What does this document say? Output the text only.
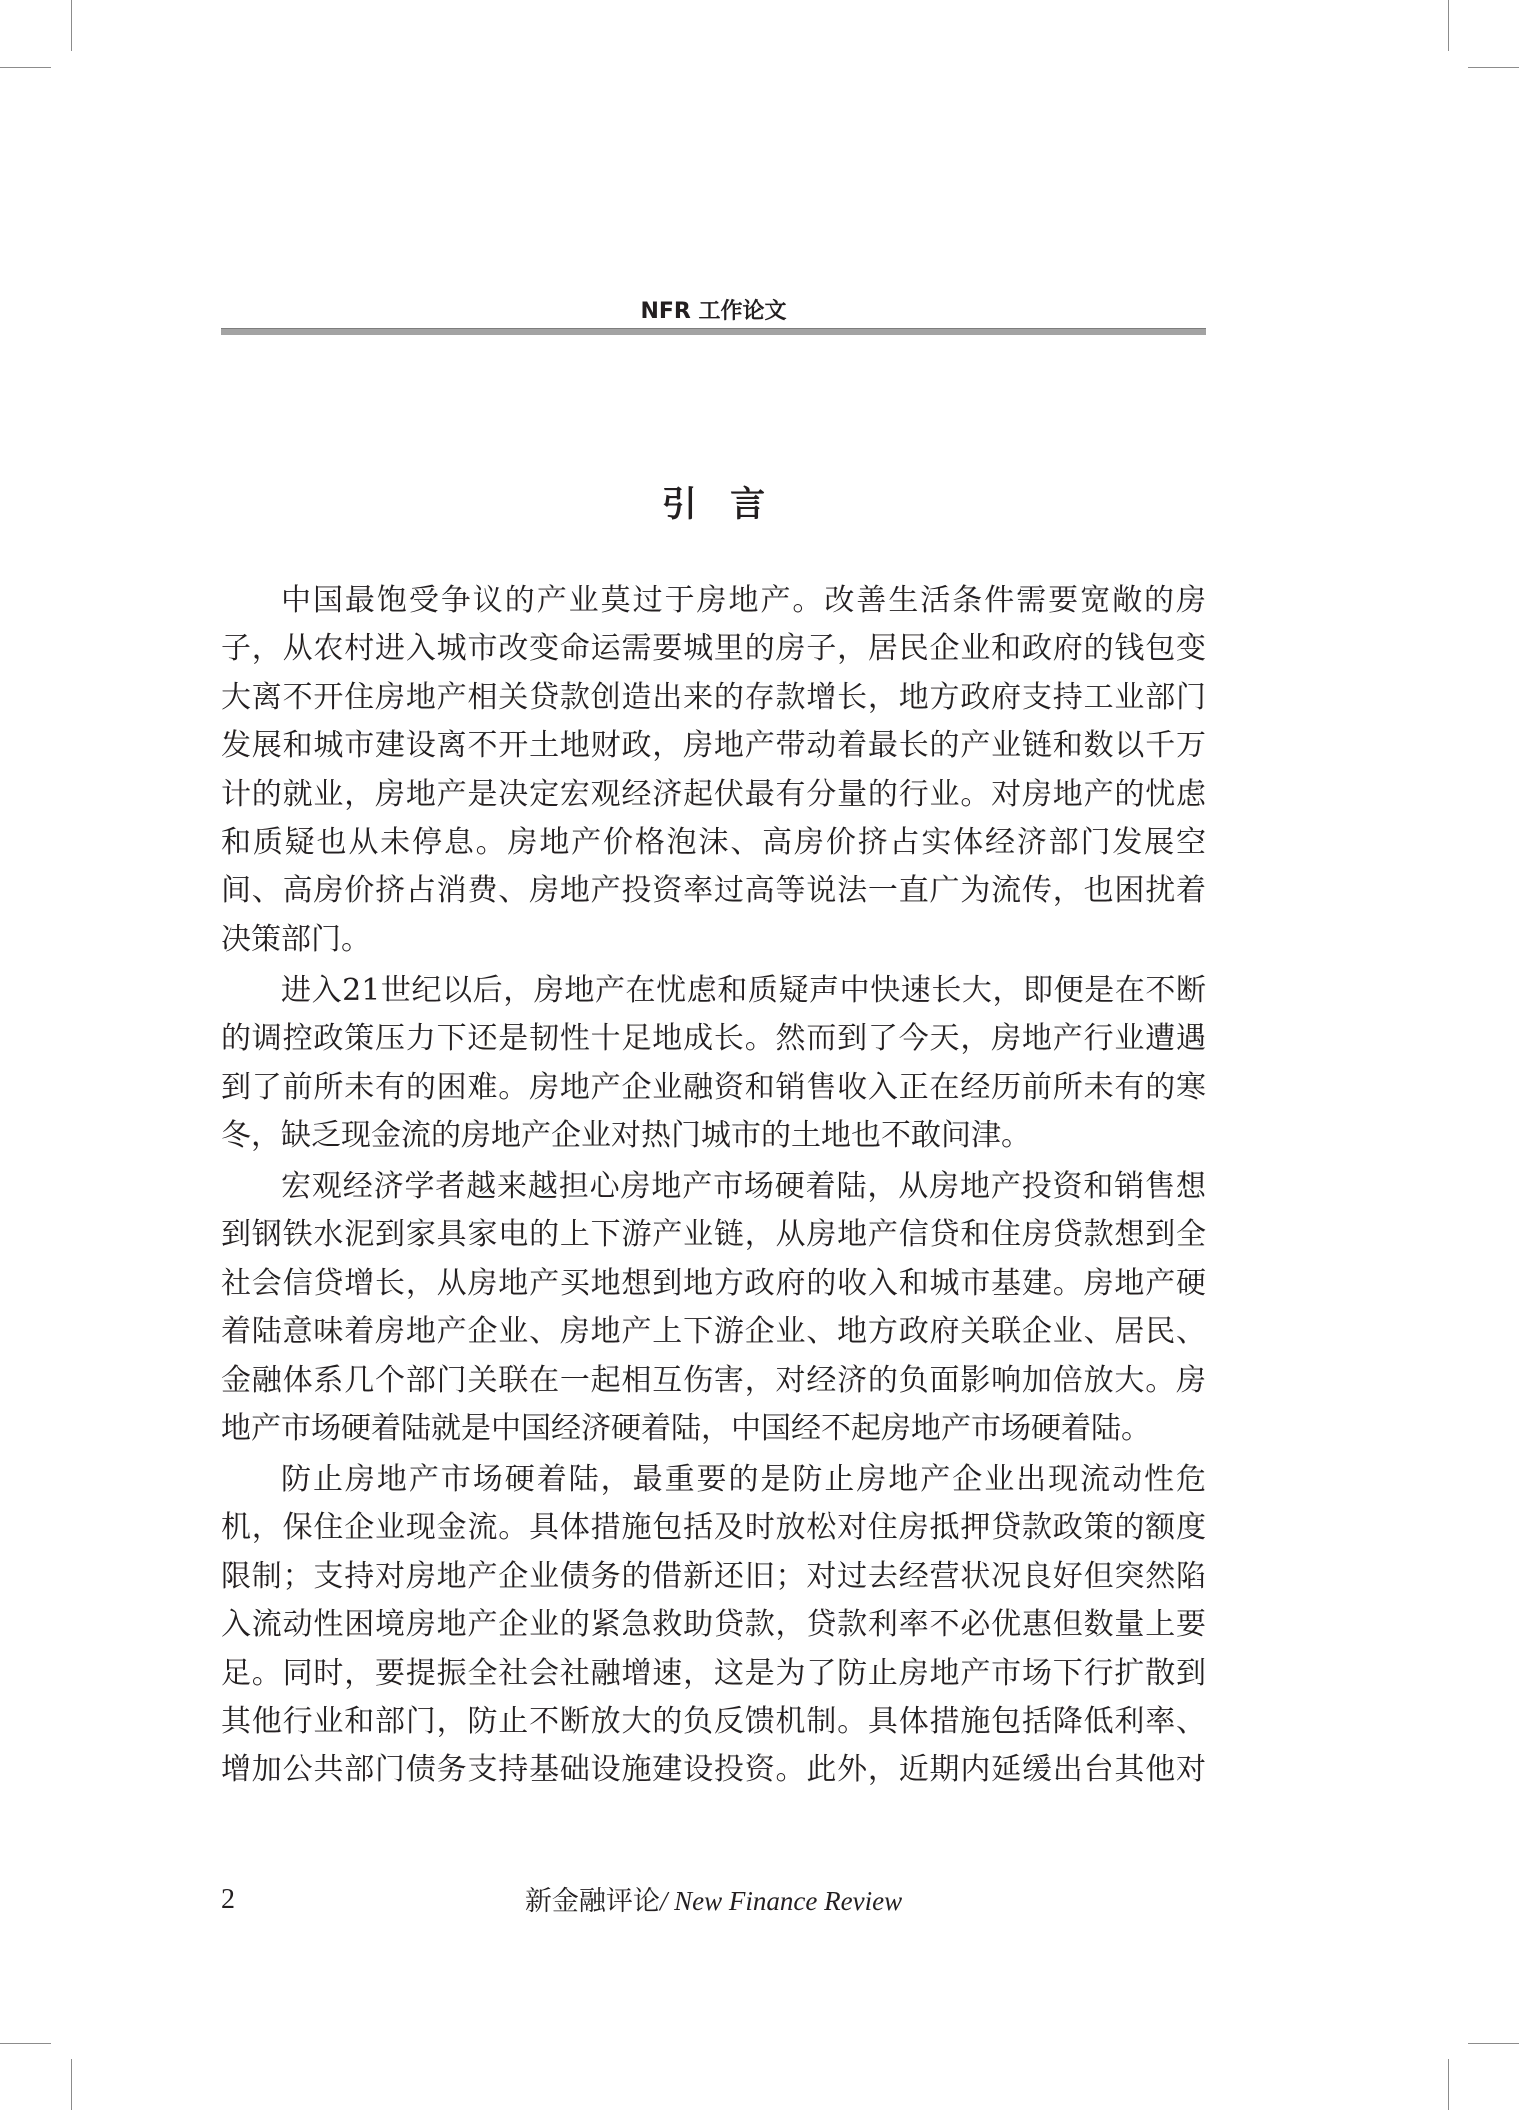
NFR 工作论文
引 言
中国最饱受争议的产业莫过于房地产。改善生活条件需要宽敞的房
子，从农村进入城市改变命运需要城里的房子，居民企业和政府的钱包变
大离不开住房地产相关贷款创造出来的存款增长，地方政府支持工业部门
发展和城市建设离不开土地财政，房地产带动着最长的产业链和数以千万
计的就业，房地产是决定宏观经济起伏最有分量的行业。对房地产的忧虑
和质疑也从未停息。房地产价格泡沫、高房价挤占实体经济部门发展空
间、高房价挤占消费、房地产投资率过高等说法一直广为流传，也困扰着
决策部门。
进入21世纪以后，房地产在忧虑和质疑声中快速长大，即便是在不断
的调控政策压力下还是韧性十足地成长。然而到了今天，房地产行业遭遇
到了前所未有的困难。房地产企业融资和销售收入正在经历前所未有的寒
冬，缺乏现金流的房地产企业对热门城市的土地也不敢问津。
宏观经济学者越来越担心房地产市场硬着陆，从房地产投资和销售想
到钢铁水泥到家具家电的上下游产业链，从房地产信贷和住房贷款想到全
社会信贷增长，从房地产买地想到地方政府的收入和城市基建。房地产硬
着陆意味着房地产企业、房地产上下游企业、地方政府关联企业、居民、
金融体系几个部门关联在一起相互伤害，对经济的负面影响加倍放大。房
地产市场硬着陆就是中国经济硬着陆，中国经不起房地产市场硬着陆。
防止房地产市场硬着陆，最重要的是防止房地产企业出现流动性危
机，保住企业现金流。具体措施包括及时放松对住房抵押贷款政策的额度
限制；支持对房地产企业债务的借新还旧；对过去经营状况良好但突然陷
入流动性困境房地产企业的紧急救助贷款，贷款利率不必优惠但数量上要
足。同时，要提振全社会社融增速，这是为了防止房地产市场下行扩散到
其他行业和部门，防止不断放大的负反馈机制。具体措施包括降低利率、
增加公共部门债务支持基础设施建设投资。此外，近期内延缓出台其他对
2	新金融评论/ New Finance Review
